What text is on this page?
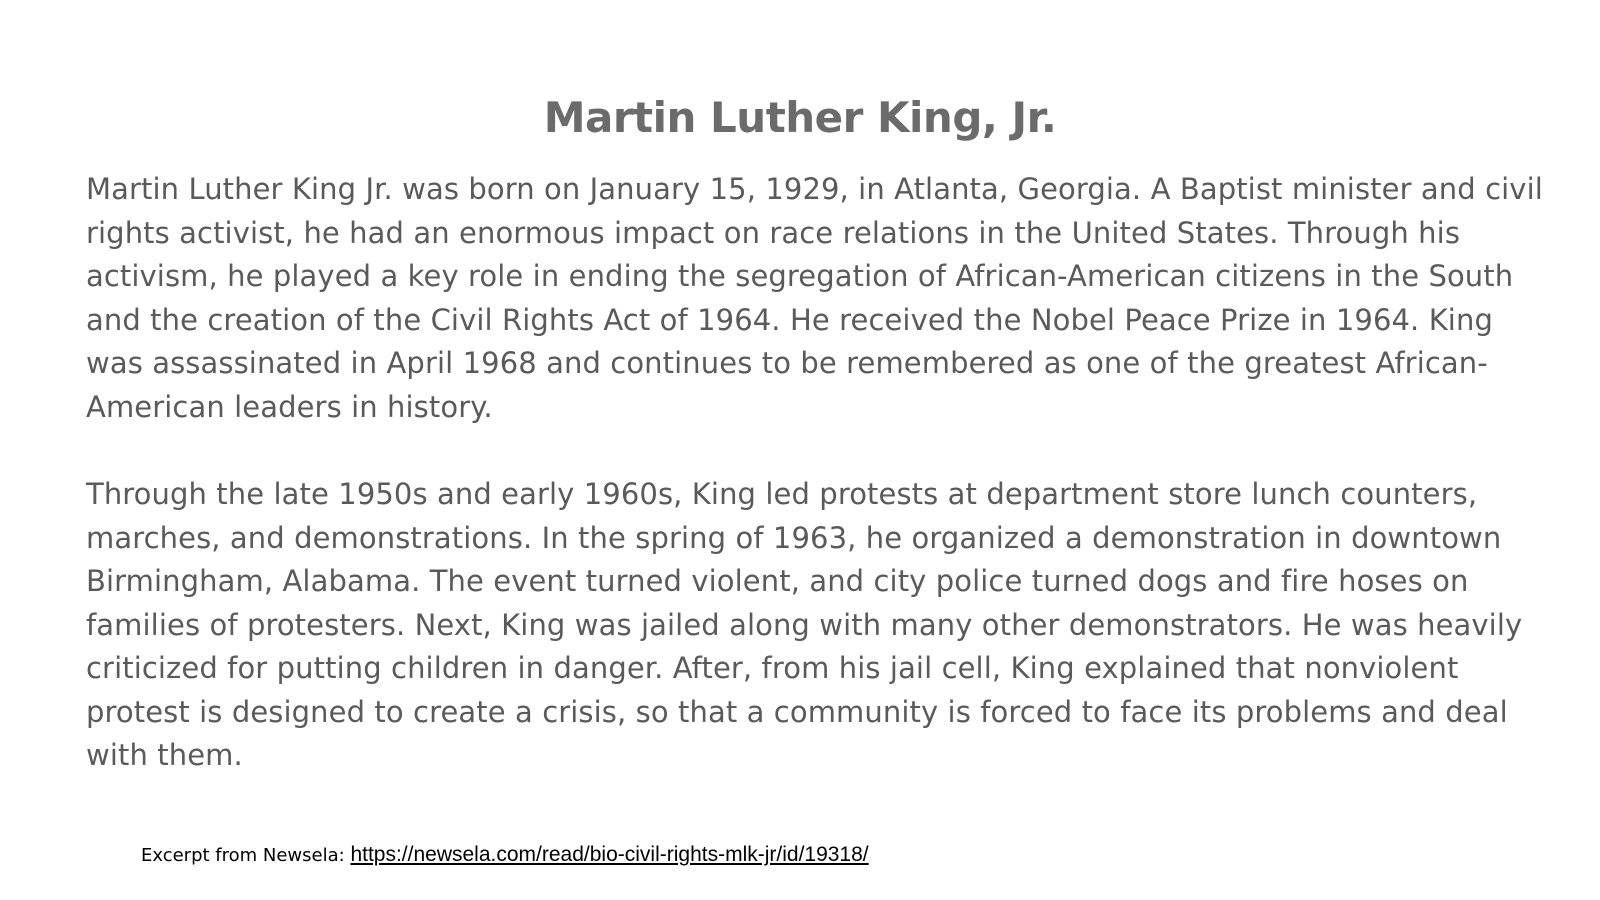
Martin Luther King, Jr.

Martin Luther King Jr. was born on January 15, 1929, in Atlanta, Georgia. A Baptist minister and civil rights activist, he had an enormous impact on race relations in the United States. Through his activism, he played a key role in ending the segregation of African-American citizens in the South and the creation of the Civil Rights Act of 1964. He received the Nobel Peace Prize in 1964. King was assassinated in April 1968 and continues to be remembered as one of the greatest African-American leaders in history.

Through the late 1950s and early 1960s, King led protests at department store lunch counters, marches, and demonstrations. In the spring of 1963, he organized a demonstration in downtown Birmingham, Alabama. The event turned violent, and city police turned dogs and fire hoses on families of protesters. Next, King was jailed along with many other demonstrators. He was heavily criticized for putting children in danger. After, from his jail cell, King explained that nonviolent protest is designed to create a crisis, so that a community is forced to face its problems and deal with them.

Excerpt from Newsela: https://newsela.com/read/bio-civil-rights-mlk-jr/id/19318/
